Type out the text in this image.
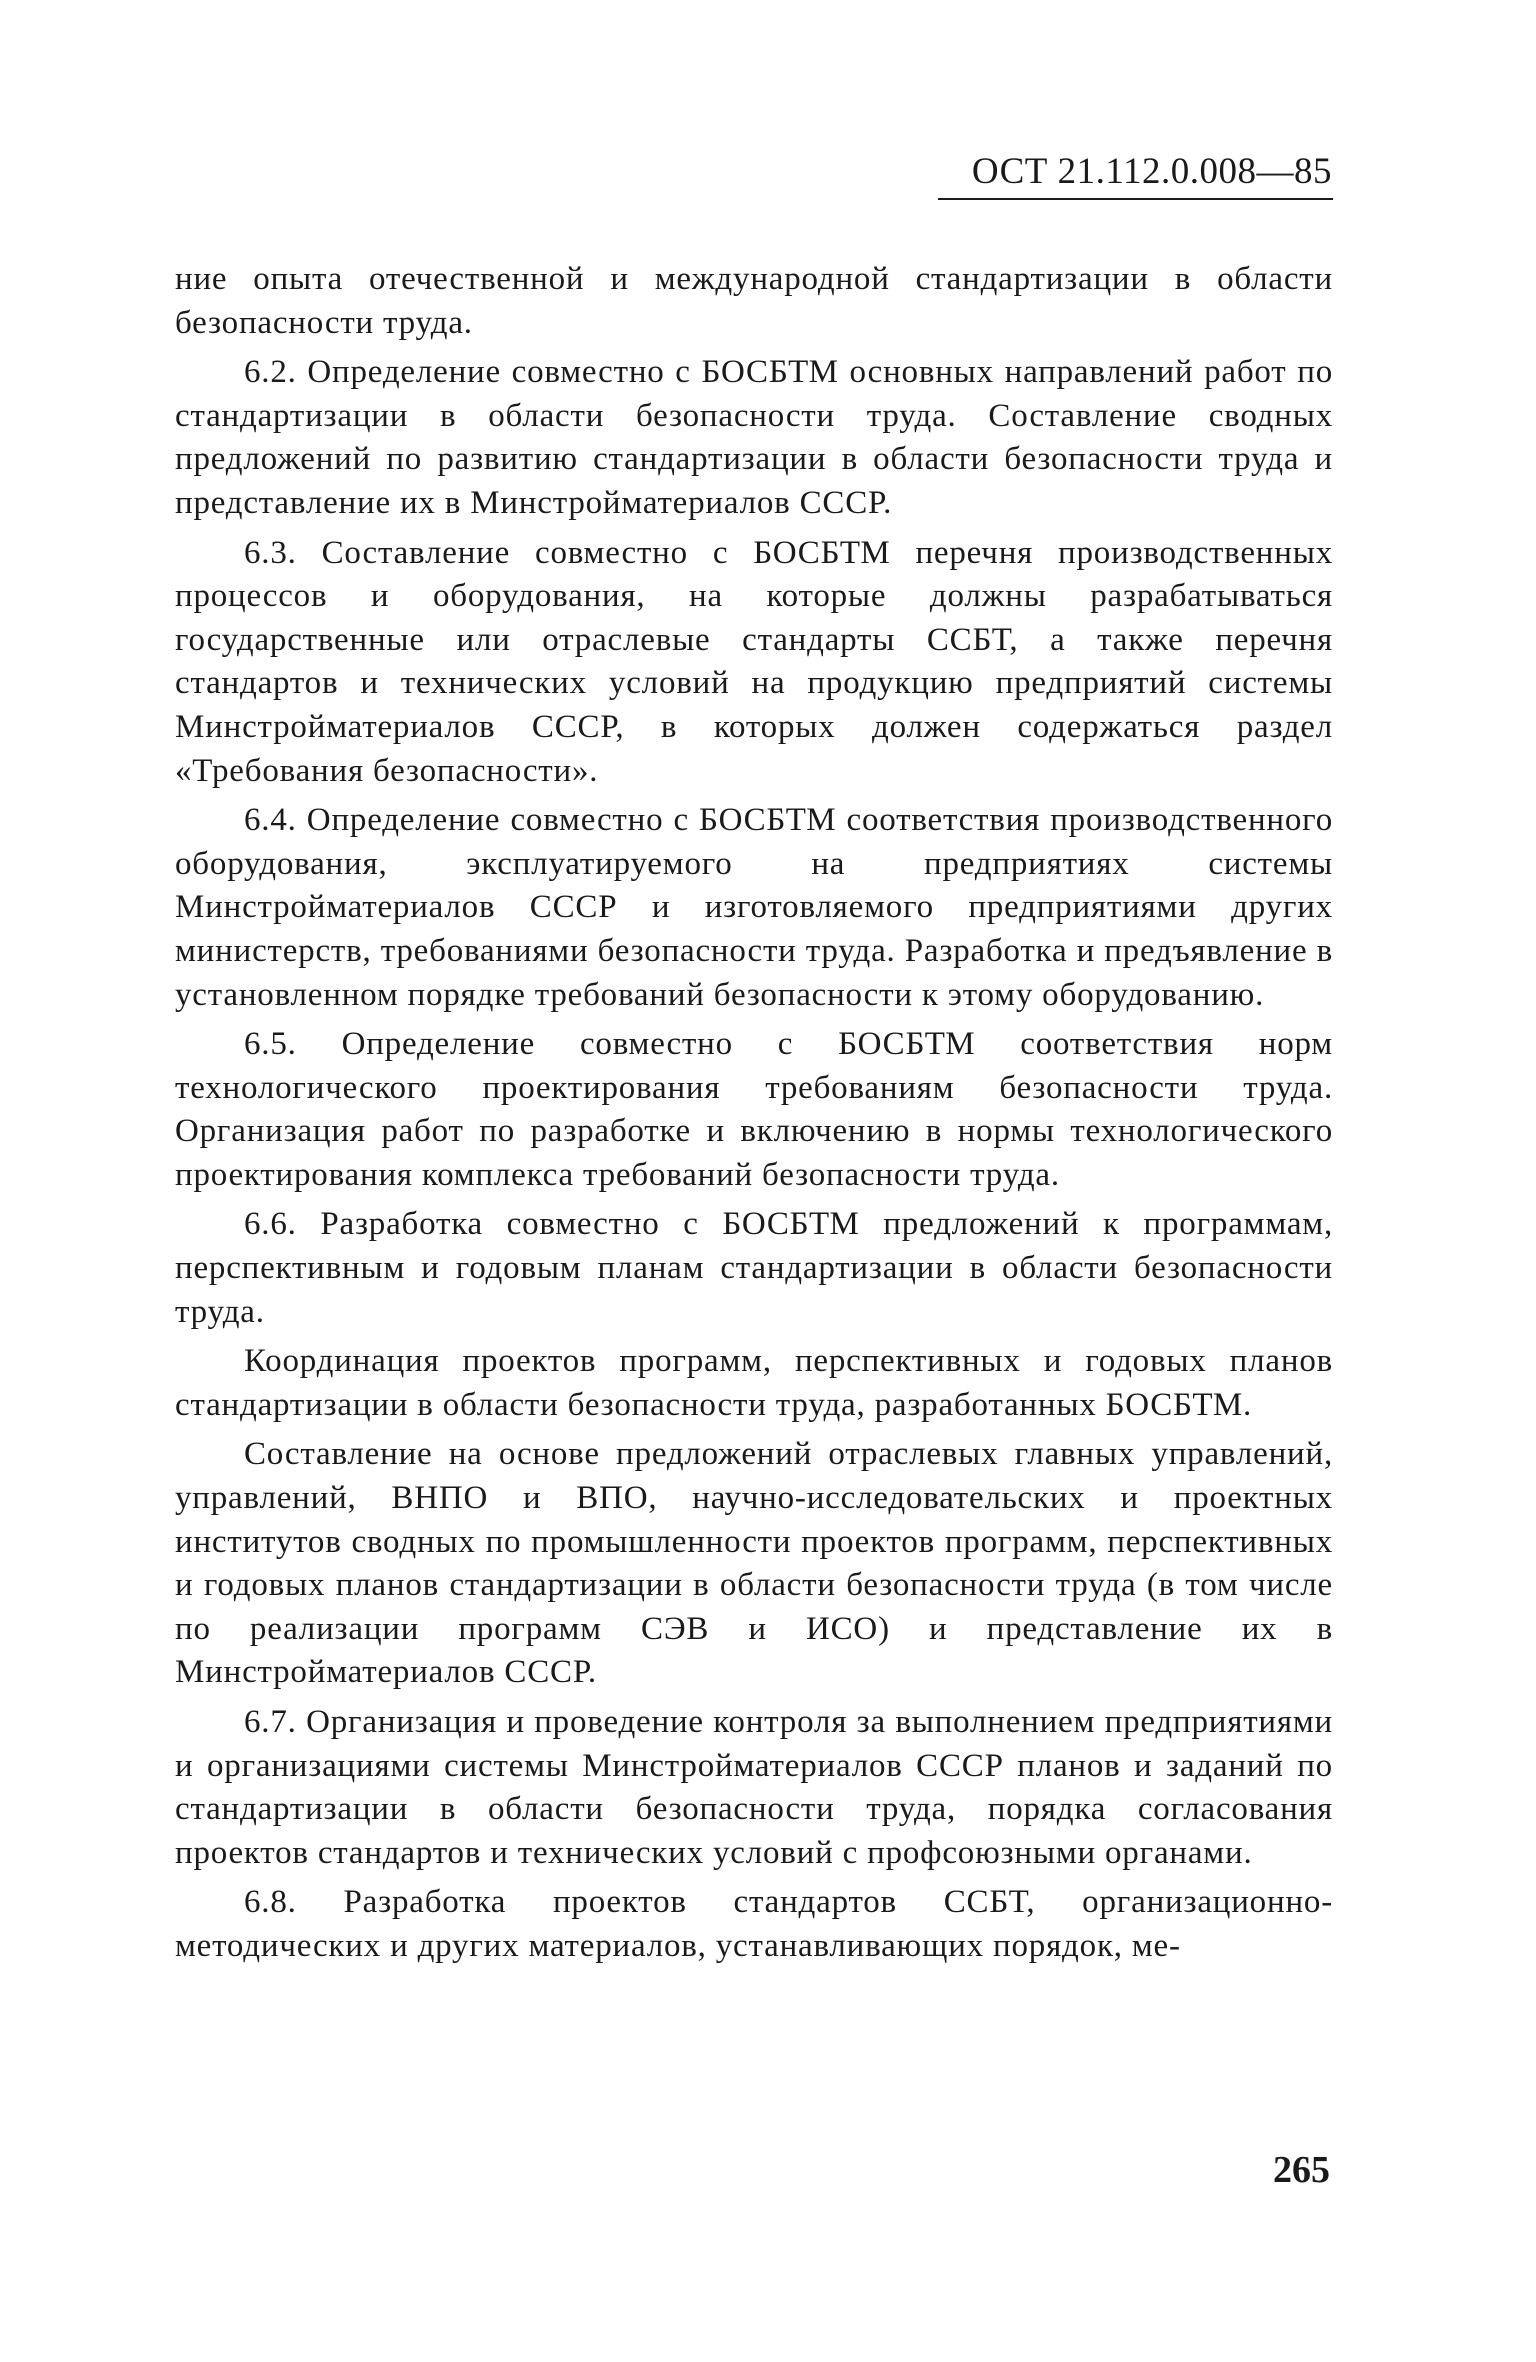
ОСТ 21.112.0.008—85

ние опыта отечественной и международной стандартизации в области безопасности труда.

6.2. Определение совместно с БОСБТМ основных направлений работ по стандартизации в области безопасности труда. Составление сводных предложений по развитию стандартизации в области безопасности труда и представление их в Минстройматериалов СССР.

6.3. Составление совместно с БОСБТМ перечня производственных процессов и оборудования, на которые должны разрабатываться государственные или отраслевые стандарты ССБТ, а также перечня стандартов и технических условий на продукцию предприятий системы Минстройматериалов СССР, в которых должен содержаться раздел «Требования безопасности».

6.4. Определение совместно с БОСБТМ соответствия производственного оборудования, эксплуатируемого на предприятиях системы Минстройматериалов СССР и изготовляемого предприятиями других министерств, требованиями безопасности труда. Разработка и предъявление в установленном порядке требований безопасности к этому оборудованию.

6.5. Определение совместно с БОСБТМ соответствия норм технологического проектирования требованиям безопасности труда. Организация работ по разработке и включению в нормы технологического проектирования комплекса требований безопасности труда.

6.6. Разработка совместно с БОСБТМ предложений к программам, перспективным и годовым планам стандартизации в области безопасности труда.

Координация проектов программ, перспективных и годовых планов стандартизации в области безопасности труда, разработанных БОСБТМ.

Составление на основе предложений отраслевых главных управлений, управлений, ВНПО и ВПО, научно-исследовательских и проектных институтов сводных по промышленности проектов программ, перспективных и годовых планов стандартизации в области безопасности труда (в том числе по реализации программ СЭВ и ИСО) и представление их в Минстройматериалов СССР.

6.7. Организация и проведение контроля за выполнением предприятиями и организациями системы Минстройматериалов СССР планов и заданий по стандартизации в области безопасности труда, порядка согласования проектов стандартов и технических условий с профсоюзными органами.

6.8. Разработка проектов стандартов ССБТ, организационно-методических и других материалов, устанавливающих порядок, ме-

265
